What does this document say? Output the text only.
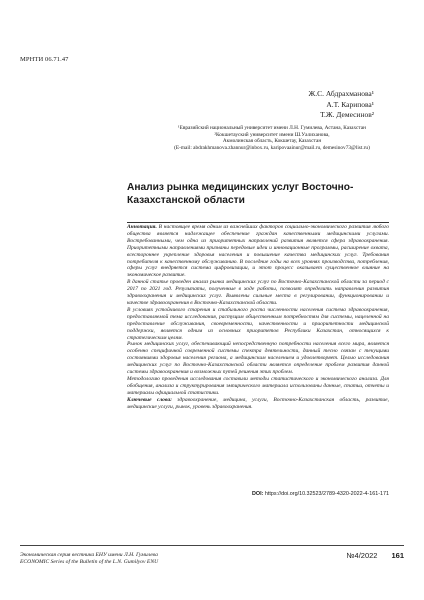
МРНТИ 06.71.47
Ж.С. Абдрахманова¹
А.Т. Карипова¹
Т.Ж. Демесинов²
¹Евразийский национальный университет имени Л.Н. Гумилева, Астана, Казахстан
²Кокшетауский университет имени Ш.Уалиханова,
Акмолинская область, Кокшетау, Казахстан
(E-mail: abdrakhmanova.zhannur@inbox.ru, karipovaainur@mail.ru, demesinov73@list.ru)
Анализ рынка медицинских услуг Восточно-Казахстанской области

Аннотация. В настоящее время одним из важнейших факторов социально-экономического развития любого общества является надлежащее обеспечение граждан качественными медицинскими услугами. Востребованными, чем одна из приоритетных направлений развития является сфера здравоохранения. Приоритетными направлениями признаны передовые идеи и инновационные программы, расширение охвата, всестороннее укрепление здоровья населения и повышение качества медицинских услуг. Требования потребителя к качественному обслуживанию. В последние годы на всех уровнях производства, потребления, сферы услуг внедряется система цифровизации, и этот процесс оказывает существенное влияние на экономическое развитие.

В данной статье проведен анализ рынка медицинских услуг по Восточно-Казахстанской области за период с 2017 по 2021 год. Результаты, полученные в ходе работы, позволят определить направления развития здравоохранения и медицинских услуг. Выявлены сильные места в регулировании, функционировании и качестве здравоохранения в Восточно-Казахстанской области.

В условиях устойчивого старения и стабильного роста численности населения система здравоохранения, предоставляемой тема исследования, растущим общественным потребностям для системы, нацеленной на предоставление обслуживания, своевременности, качественности и приоритетности медицинской поддержки, является одним из основных приоритетов Республики Казахстан, относящихся к стратегическим целям.

Рынок медицинских услуг, обеспечивающий непосредственную потребности населения всего мира, является особенно специфичной современной системы спектра деятельности, данный тесно связан с текущими состояниями здоровья населения региона, а медицинским населением и удовлетворяет. Целью исследования медицинских услуг по Восточно-Казахстанской области является определение проблем развития данной системы здравоохранения и возможных путей решения этих проблем.

Методологию проведения исследования составили методы статистического и экономического анализа. Для обобщения, анализа и структурирования эмпирического материала использованы данные, статьи, отчеты и материалы официальной статистики.

Ключевые слова: здравоохранение, медицина, услуги, Восточно-Казахстанская область, развитие, медицинские услуги, рынок, уровень здравоохранения.

DOI: https://doi.org/10.32523/2789-4320-2022-4-161-171
Экономическая серия вестника ЕНУ имени Л.Н. Гумилева
ECONOMIC Series of the Bulletin of the L.N. Gumilyov ENU
№4/2022 161
